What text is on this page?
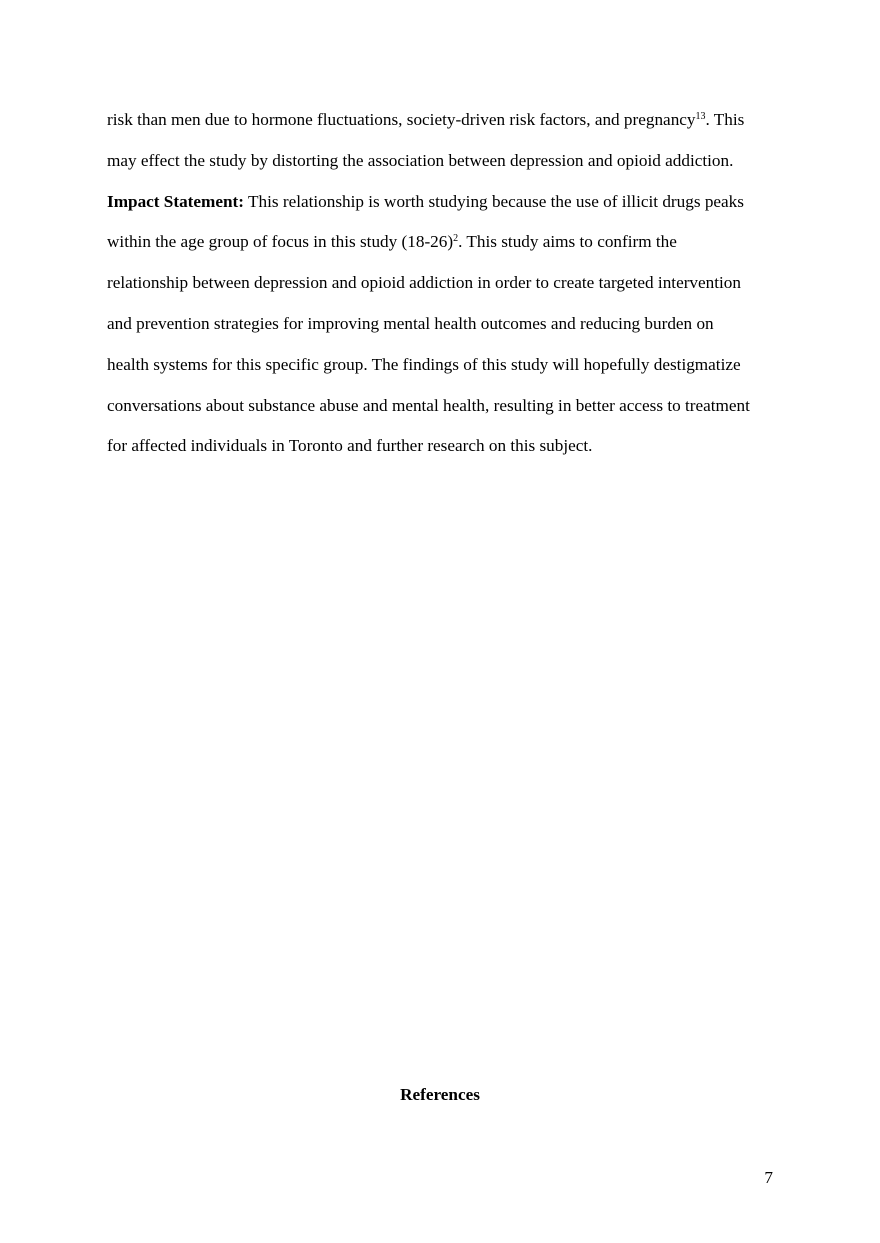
risk than men due to hormone fluctuations, society-driven risk factors, and pregnancy$^{13}$. This
may effect the study by distorting the association between depression and opioid addiction.
Impact Statement: This relationship is worth studying because the use of illicit drugs peaks
within the age group of focus in this study $(18-26)^2$. This study aims to confirm the
relationship between depression and opioid addiction in order to create targeted intervention
and prevention strategies for improving mental health outcomes and reducing burden on
health systems for this specific group. The findings of this study will hopefully destigmatize
conversations about substance abuse and mental health, resulting in better access to treatment
for affected individuals in Toronto and further research on this subject.
References
7
